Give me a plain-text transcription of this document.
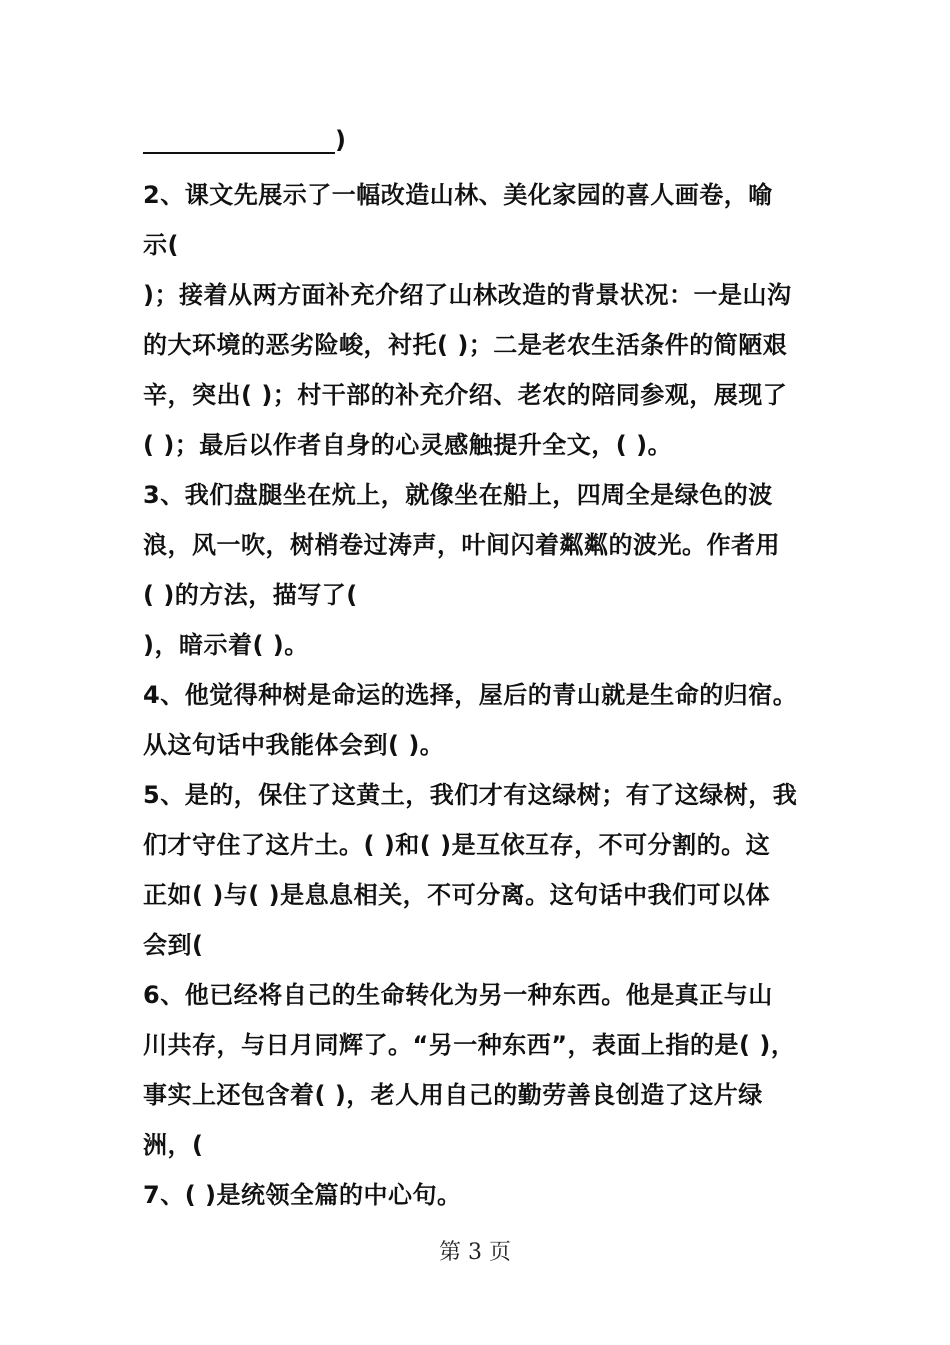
)
2、课文先展示了一幅改造山林、美化家园的喜人画卷，喻
示(
)；接着从两方面补充介绍了山林改造的背景状况：一是山沟
的大环境的恶劣险峻，衬托( )；二是老农生活条件的简陋艰
辛，突出( )；村干部的补充介绍、老农的陪同参观，展现了
( )；最后以作者自身的心灵感触提升全文，( )。
3、我们盘腿坐在炕上，就像坐在船上，四周全是绿色的波
浪，风一吹，树梢卷过涛声，叶间闪着粼粼的波光。作者用
( )的方法，描写了(
)，暗示着( )。
4、他觉得种树是命运的选择，屋后的青山就是生命的归宿。
从这句话中我能体会到( )。
5、是的，保住了这黄土，我们才有这绿树；有了这绿树，我
们才守住了这片土。( )和( )是互依互存，不可分割的。这
正如( )与( )是息息相关，不可分离。这句话中我们可以体
会到(
6、他已经将自己的生命转化为另一种东西。他是真正与山
川共存，与日月同辉了。“另一种东西”，表面上指的是( )，
事实上还包含着( )，老人用自己的勤劳善良创造了这片绿
洲，(
7、( )是统领全篇的中心句。
第 3 页
